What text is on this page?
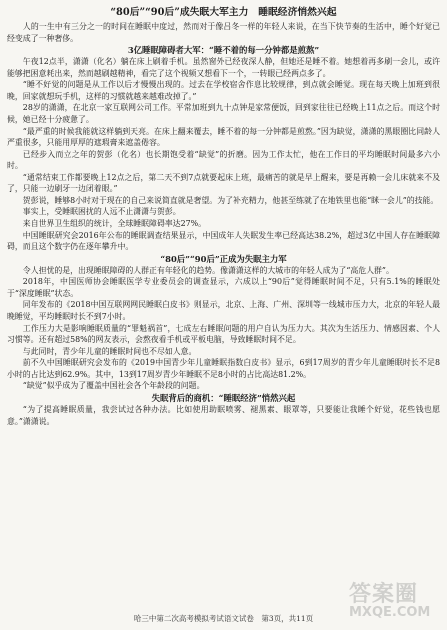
“80后”“90后”成失眠大军主力　睡眠经济悄然兴起

人的一生中有三分之一的时间在睡眠中度过，然而对于像吕冬一样的年轻人来说，在当下快节奏的生活中，睡个好觉已经变成了一种奢侈。

3亿睡眠障碍者大军：“睡不着的每一分钟都是煎熬”

午夜12点半，潇潇（化名）躺在床上刷着手机。虽然窗外已经夜深人静，但她还是睡不着。她想着再多刷一会儿，或许能够把困意耗出来，然而越刷越精神，看完了这个视频又想看下一个，一转眼已经两点多了。

“睡不好觉的问题是从工作以后才慢慢出现的。过去在学校宿舍作息比较规律，到点就会睡觉。现在每天晚上加班到很晚，回家就想玩手机，这样的习惯就越来越难改掉了。”

28岁的潇潇，在北京一家互联网公司工作。平常加班到九十点钟是家常便饭，回到家往往已经晚上11点之后。而这个时候，她已经十分疲惫了。

“最严重的时候我能就这样躺到天亮。在床上翻来覆去，睡不着的每一分钟都是煎熬。”因为缺觉，潇潇的黑眼圈比同龄人严重很多，只能用厚厚的遮瑕膏来遮盖倦容。

已经步入而立之年的贺彭（化名）也长期饱受着“缺觉”的折磨。因为工作太忙，他在工作日的平均睡眠时间最多六小时。

“通常结束工作都要晚上12点之后，第二天不到7点就要起床上班，最痛苦的就是早上醒来，要是再赖一会儿床就来不及了，只能一边刷牙一边闭着眼。”

贺彭说，睡够8小时对于现在的自己来说简直就是奢望。为了补充精力，他甚至练就了在地铁里也能“眯一会儿”的技能。

事实上，受睡眠困扰的人远不止潇潇与贺彭。

来自世界卫生组织的统计，全球睡眠障碍率达27%。

中国睡眠研究会2016年公布的睡眠调查结果显示，中国成年人失眠发生率已经高达38.2%，超过3亿中国人存在睡眠障碍，而且这个数字仍在逐年攀升中。

“80后”“90后”正成为失眠主力军

令人担忧的是，出现睡眠障碍的人群正有年轻化的趋势。像潇潇这样的大城市的年轻人成为了“高危人群”。

2018年，中国医师协会睡眠医学专业委员会的调查显示，六成以上“90后”觉得睡眠时间不足，只有5.1%的睡眠处于“深度睡眠”状态。

同年发布的《2018中国互联网网民睡眠白皮书》则显示，北京、上海、广州、深圳等一线城市压力大，北京的年轻人最晚睡觉，平均睡眠时长不到7小时。

工作压力大是影响睡眠质量的“罪魁祸首”，七成左右睡眠问题的用户自认为压力大。其次为生活压力、情感因素、个人习惯等。还有超过58%的网友表示，会熬夜看手机或平板电脑，导致睡眠时间不足。

与此同时，青少年儿童的睡眠时间也不尽如人意。

前不久中国睡眠研究会发布的《2019中国青少年儿童睡眠指数白皮书》显示，6到17周岁的青少年儿童睡眠时长不足8小时的占比达到62.9%。其中，13到17周岁青少年睡眠不足8小时的占比高达81.2%。

“缺觉”似乎成为了覆盖中国社会各个年龄段的问题。

失眠背后的商机：“睡眠经济”悄然兴起

“为了提高睡眠质量，我尝试过各种办法。比如使用助眠喷雾、褪黑素、眼罩等，只要能让我睡个好觉，花些钱也愿意。”潇潇说。

哈三中第二次高考模拟考试语文试卷　第3页，共11页
答案圈
MXQE.COM
